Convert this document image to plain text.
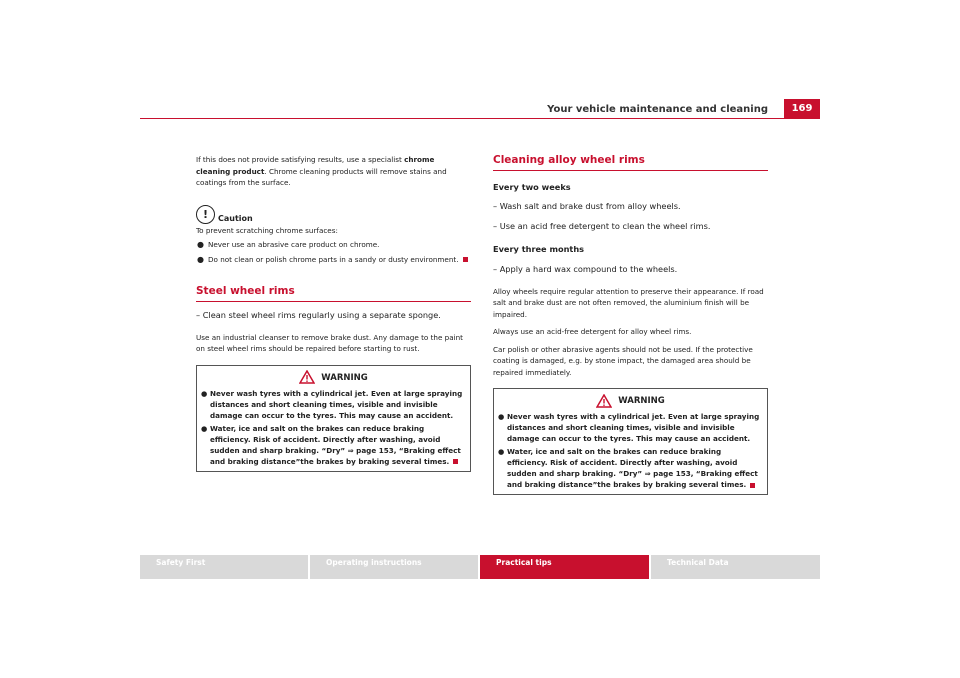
Your vehicle maintenance and cleaning	169

If this does not provide satisfying results, use a specialist chrome cleaning product. Chrome cleaning products will remove stains and coatings from the surface.

!	Caution

To prevent scratching chrome surfaces:

● Never use an abrasive care product on chrome.

● Do not clean or polish chrome parts in a sandy or dusty environment.

Steel wheel rims

– Clean steel wheel rims regularly using a separate sponge.

Use an industrial cleanser to remove brake dust. Any damage to the paint on steel wheel rims should be repaired before starting to rust.

WARNING
● Never wash tyres with a cylindrical jet. Even at large spraying distances and short cleaning times, visible and invisible damage can occur to the tyres. This may cause an accident.
● Water, ice and salt on the brakes can reduce braking efficiency. Risk of accident. Directly after washing, avoid sudden and sharp braking. “Dry” ⇒ page 153, “Braking effect and braking distance”the brakes by braking several times.
Cleaning alloy wheel rims

Every two weeks

– Wash salt and brake dust from alloy wheels.

– Use an acid free detergent to clean the wheel rims.

Every three months

– Apply a hard wax compound to the wheels.

Alloy wheels require regular attention to preserve their appearance. If road salt and brake dust are not often removed, the aluminium finish will be impaired.

Always use an acid-free detergent for alloy wheel rims.

Car polish or other abrasive agents should not be used. If the protective coating is damaged, e.g. by stone impact, the damaged area should be repaired immediately.

WARNING
● Never wash tyres with a cylindrical jet. Even at large spraying distances and short cleaning times, visible and invisible damage can occur to the tyres. This may cause an accident.
● Water, ice and salt on the brakes can reduce braking efficiency. Risk of accident. Directly after washing, avoid sudden and sharp braking. “Dry” ⇒ page 153, “Braking effect and braking distance”the brakes by braking several times.
Safety First	Operating instructions	Practical tips	Technical Data
